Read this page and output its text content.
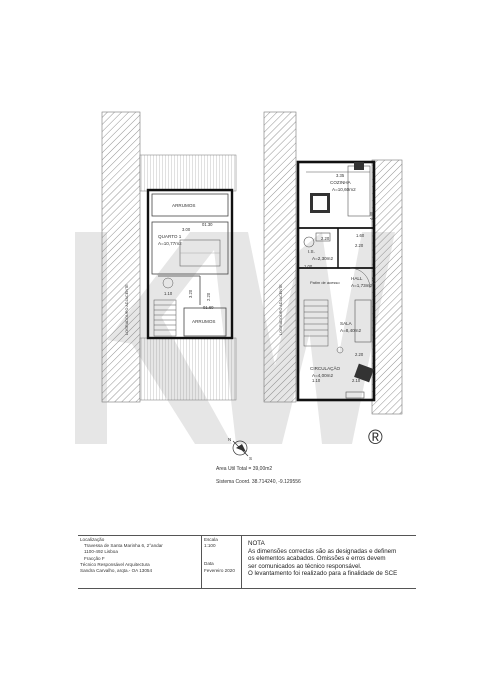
®
LOGRADOURO ADJACENTE
ARRUMOS
QUARTO 1
A=10,77m2
ARRUMOS
3.00
01.30
3.20
1.10	2.20
01.60	LOGRADOURO ADJACENTE
COZINHA
A=10,60m2
I.S.
A=2,30m2
HALL
A=1,73m2
SALA
A=8,40m2
CIRCULAÇÃO
A=4,00m2
Patim de acesso
3.35
4.30
1.60
2.20
2.20
1.10	2.10
1.55
1.00
2.20
N
S
Area Util Total = 39,00m2
Sistema Coord. 38.714240, -9.129556
Localização
Travessa de Santa Marinha 6, 2°andar
1100-492 Lisboa
Fracção F
Técnico Responsável Arquitectura
Sandra Carvalho, arqta.- OA 13054
Escala
1:100
Data
Fevereiro 2020
NOTA
As dimensões correctas são as designadas e definem
os elementos acabados. Omissões e erros devem
ser comunicados ao técnico responsável.
O levantamento foi realizado para a finalidade de SCE
